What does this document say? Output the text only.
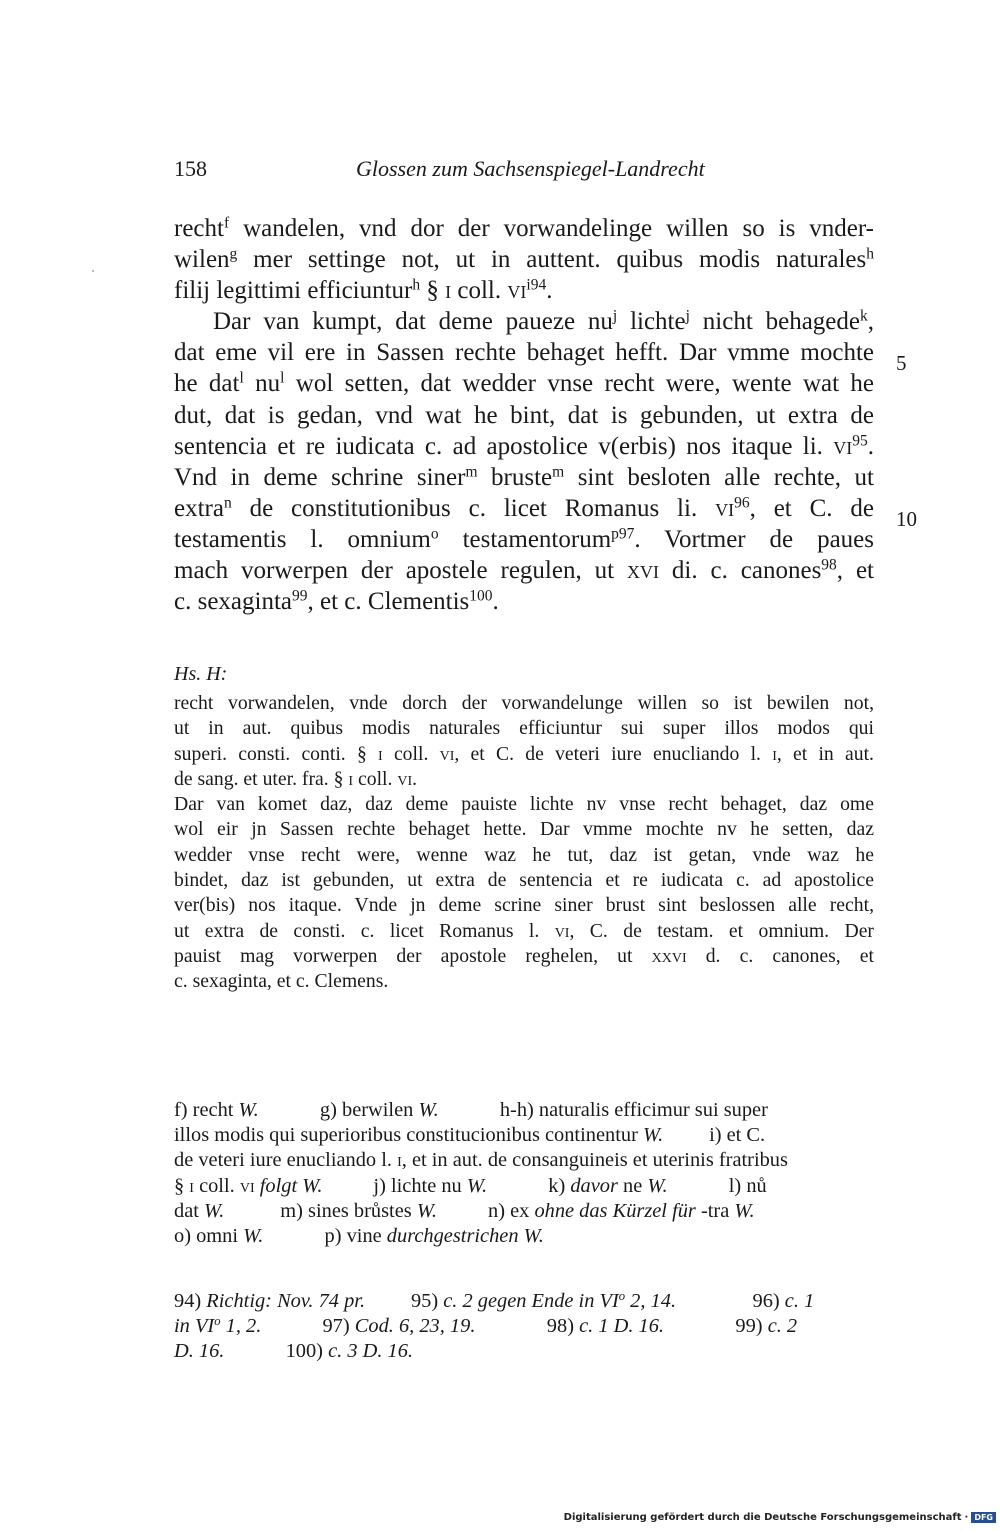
158	Glossen zum Sachsenspiegel-Landrecht

recht$^f$ wandelen, vnd dor der vorwandelinge willen so is vnder-

wilen$^g$ mer settinge not, ut in auttent. quibus modis naturales$^h$

filij legittimi efficiuntur$^h$ § i coll. $vi^{i94}$.

Dar van kumpt, dat deme paueze $nu^j$ lichte$^j$ nicht behagede$^k$,

dat eme vil ere in Sassen rechte behaget hefft. Dar vmme mochte

he dat$^l$ $nu^l$ wol setten, dat wedder vnse recht were, wente wat he

dut, dat is gedan, vnd wat he bint, dat is gebunden, ut extra de

sentencia et re iudicata c. ad apostolice v(erbis) nos itaque li. $vi^{95}$.

Vnd in deme schrine siner$^m$ bruste$^m$ sint besloten alle rechte, ut

extra$^n$ de constitutionibus c. licet Romanus li. $vi^{96}$, et C. de

testamentis l. omnium$^o$ testamentorum$^{p97}$. Vortmer de paues

mach vorwerpen der apostele regulen, ut xvi di. c. canones$^{98}$, et

c. sexaginta$^{99}$, et c. Clementis$^{100}$.

5
10
Hs. H:

recht vorwandelen, vnde dorch der vorwandelunge willen so ist bewilen not,

ut in aut. quibus modis naturales efficiuntur sui super illos modos qui

superi. consti. conti. § i coll. vi, et C. de veteri iure enucliando l. i, et in aut.

de sang. et uter. fra. § i coll. vi.

Dar van komet daz, daz deme pauiste lichte nv vnse recht behaget, daz ome

wol eir jn Sassen rechte behaget hette. Dar vmme mochte nv he setten, daz

wedder vnse recht were, wenne waz he tut, daz ist getan, vnde waz he

bindet, daz ist gebunden, ut extra de sentencia et re iudicata c. ad apostolice

ver(bis) nos itaque. Vnde jn deme scrine siner brust sint beslossen alle recht,

ut extra de consti. c. licet Romanus l. vi, C. de testam. et omnium. Der

pauist mag vorwerpen der apostole reghelen, ut xxvi d. c. canones, et

c. sexaginta, et c. Clemens.

f) recht W.            g) berwilen W.            h-h) naturalis efficimur sui super

illos modis qui superioribus constitucionibus continentur W.         i) et C.

de veteri iure enucliando l. i, et in aut. de consanguineis et uterinis fratribus

§ i coll. vi folgt W.          j) lichte nu W.            k) davor ne W.            l) nů

dat W.           m) sines brůstes W.          n) ex ohne das Kürzel für -tra W.

o) omni W.            p) vine durchgestrichen W.

94) Richtig: Nov. 74 pr.         95) c. 2 gegen Ende in $VI^o$ 2, 14.               96) c. 1

in $VI^o$ 1, 2.            97) Cod. 6, 23, 19.              98) c. 1 D. 16.              99) c. 2

D. 16.            100) c. 3 D. 16.

Digitalisierung gefördert durch die Deutsche Forschungsgemeinschaft · DFG
